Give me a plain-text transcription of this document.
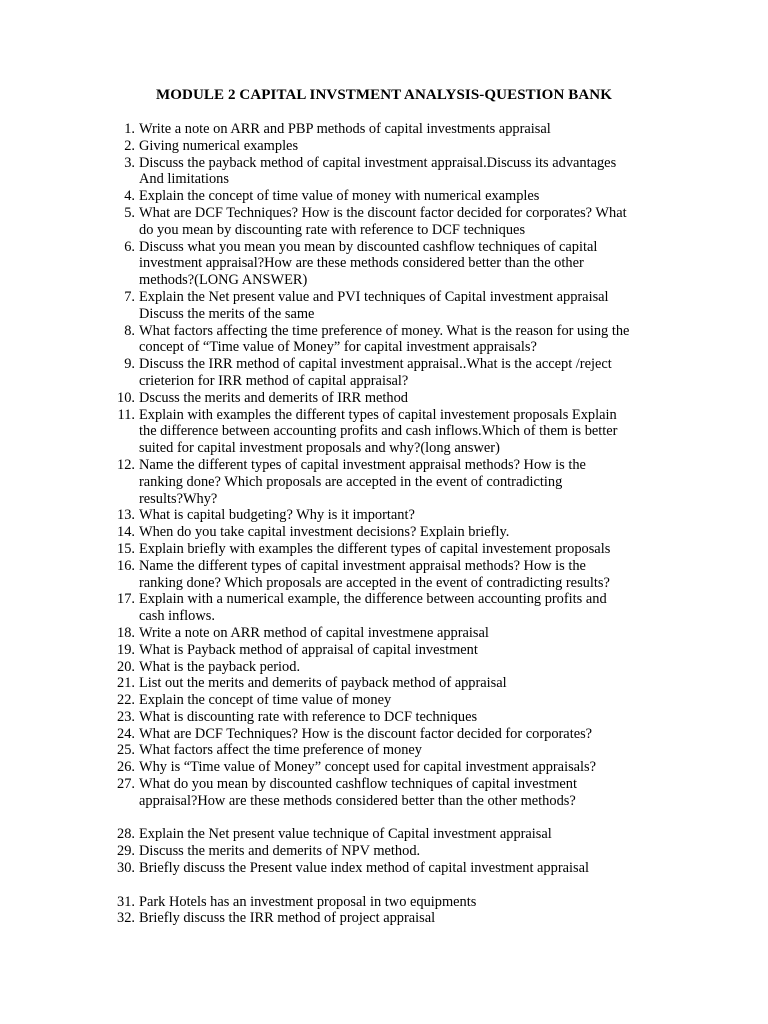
MODULE 2 CAPITAL INVSTMENT ANALYSIS-QUESTION BANK
1. Write a note on ARR and PBP methods of capital investments appraisal
2. Giving numerical examples
3. Discuss the payback method of capital investment appraisal.Discuss its advantages
And limitations
4. Explain the concept of time value of money with numerical examples
5. What are DCF Techniques? How is the discount factor decided for corporates? What
do you mean by discounting rate with reference to DCF techniques
6. Discuss what you mean you mean by discounted cashflow techniques of capital
investment appraisal?How are these methods considered better than the other
methods?(LONG ANSWER)
7. Explain the Net present value and PVI techniques of Capital investment appraisal
Discuss the merits of the same
8. What factors affecting the time preference of money. What is the reason for using the
concept of “Time value of Money” for capital investment appraisals?
9. Discuss the IRR method of capital investment appraisal..What is the accept /reject
crieterion for IRR method of capital appraisal?
10. Dscuss the merits and demerits of IRR method
11. Explain with examples the different types of capital investement proposals Explain
the difference between accounting profits and cash inflows.Which of them is better
suited for capital investment proposals and why?(long answer)
12. Name the different types of capital investment appraisal methods? How is the
ranking done? Which proposals are accepted in the event of contradicting
results?Why?
13. What is capital budgeting? Why is it important?
14. When do you take capital investment decisions? Explain briefly.
15. Explain briefly with examples the different types of capital investement proposals
16. Name the different types of capital investment appraisal methods? How is the
ranking done? Which proposals are accepted in the event of contradicting results?
17. Explain with a numerical example, the difference between accounting profits and
cash inflows.
18. Write a note on ARR method of capital investmene appraisal
19. What is Payback method of appraisal of capital investment
20. What is the payback period.
21. List out the merits and demerits of payback method of appraisal
22. Explain the concept of time value of money
23. What is discounting rate with reference to DCF techniques
24. What are DCF Techniques? How is the discount factor decided for corporates?
25. What factors affect the time preference of money
26. Why is “Time value of Money” concept used for capital investment appraisals?
27. What do you mean by discounted cashflow techniques of capital investment
appraisal?How are these methods considered better than the other methods?
28. Explain the Net present value technique of Capital investment appraisal
29. Discuss the merits and demerits of NPV method.
30. Briefly discuss the Present value index method of capital investment appraisal
31. Park Hotels has an investment proposal in two equipments
32. Briefly discuss the IRR method of project appraisal
